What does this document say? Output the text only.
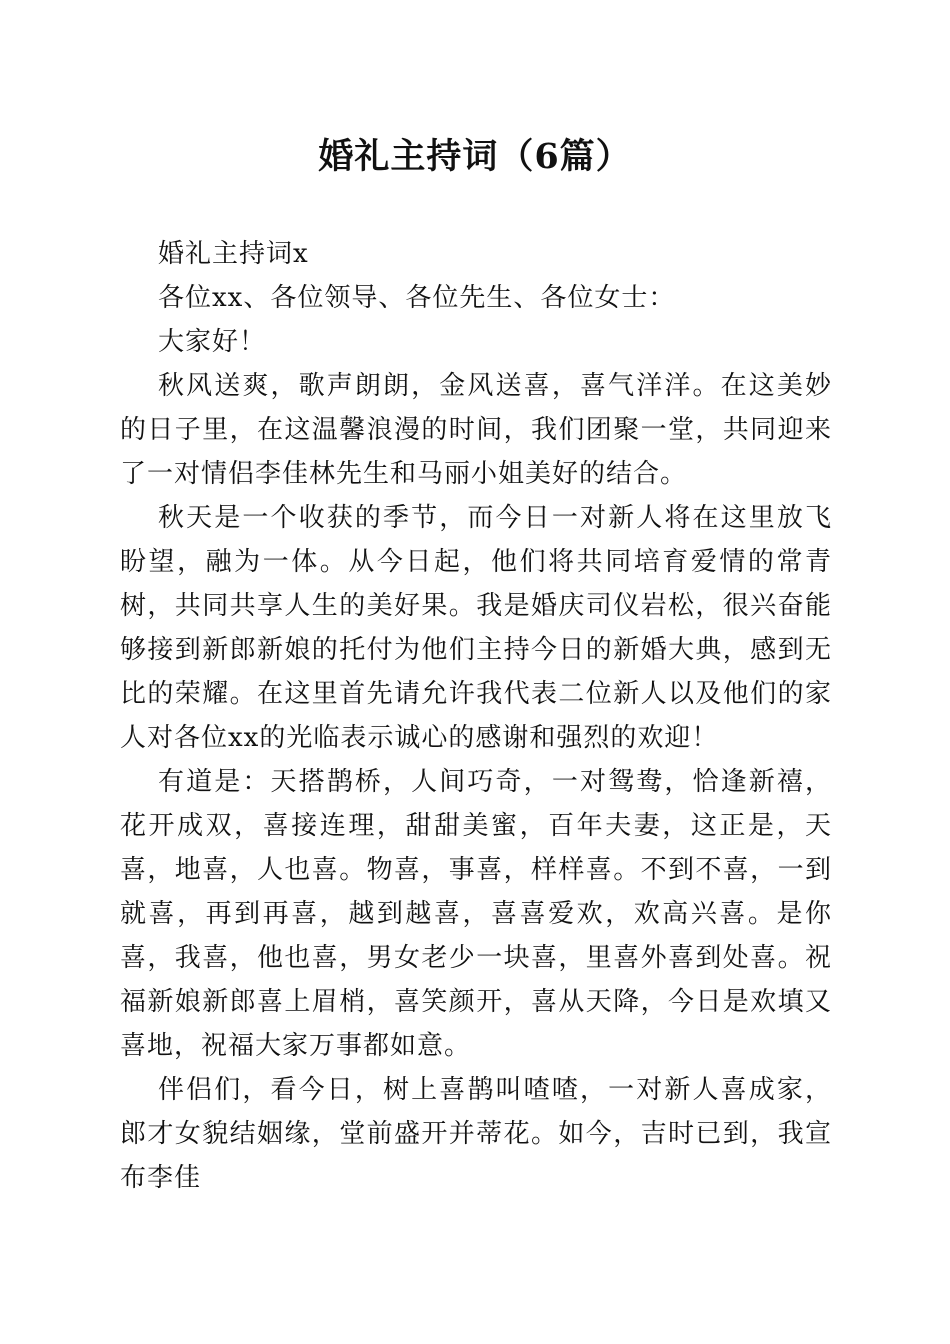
婚礼主持词（6篇）

婚礼主持词x

各位xx、各位领导、各位先生、各位女士：

大家好！

秋风送爽，歌声朗朗，金风送喜，喜气洋洋。在这美妙的日子里，在这温馨浪漫的时间，我们团聚一堂，共同迎来了一对情侣李佳林先生和马丽小姐美好的结合。

秋天是一个收获的季节，而今日一对新人将在这里放飞盼望，融为一体。从今日起，他们将共同培育爱情的常青树，共同共享人生的美好果。我是婚庆司仪岩松，很兴奋能够接到新郎新娘的托付为他们主持今日的新婚大典，感到无比的荣耀。在这里首先请允许我代表二位新人以及他们的家人对各位xx的光临表示诚心的感谢和强烈的欢迎！

有道是：天搭鹊桥，人间巧奇，一对鸳鸯，恰逢新禧，花开成双，喜接连理，甜甜美蜜，百年夫妻，这正是，天喜，地喜，人也喜。物喜，事喜，样样喜。不到不喜，一到就喜，再到再喜，越到越喜，喜喜爱欢，欢高兴喜。是你喜，我喜，他也喜，男女老少一块喜，里喜外喜到处喜。祝福新娘新郎喜上眉梢，喜笑颜开，喜从天降，今日是欢填又喜地，祝福大家万事都如意。

伴侣们，看今日，树上喜鹊叫喳喳，一对新人喜成家，郎才女貌结姻缘，堂前盛开并蒂花。如今，吉时已到，我宣布李佳
